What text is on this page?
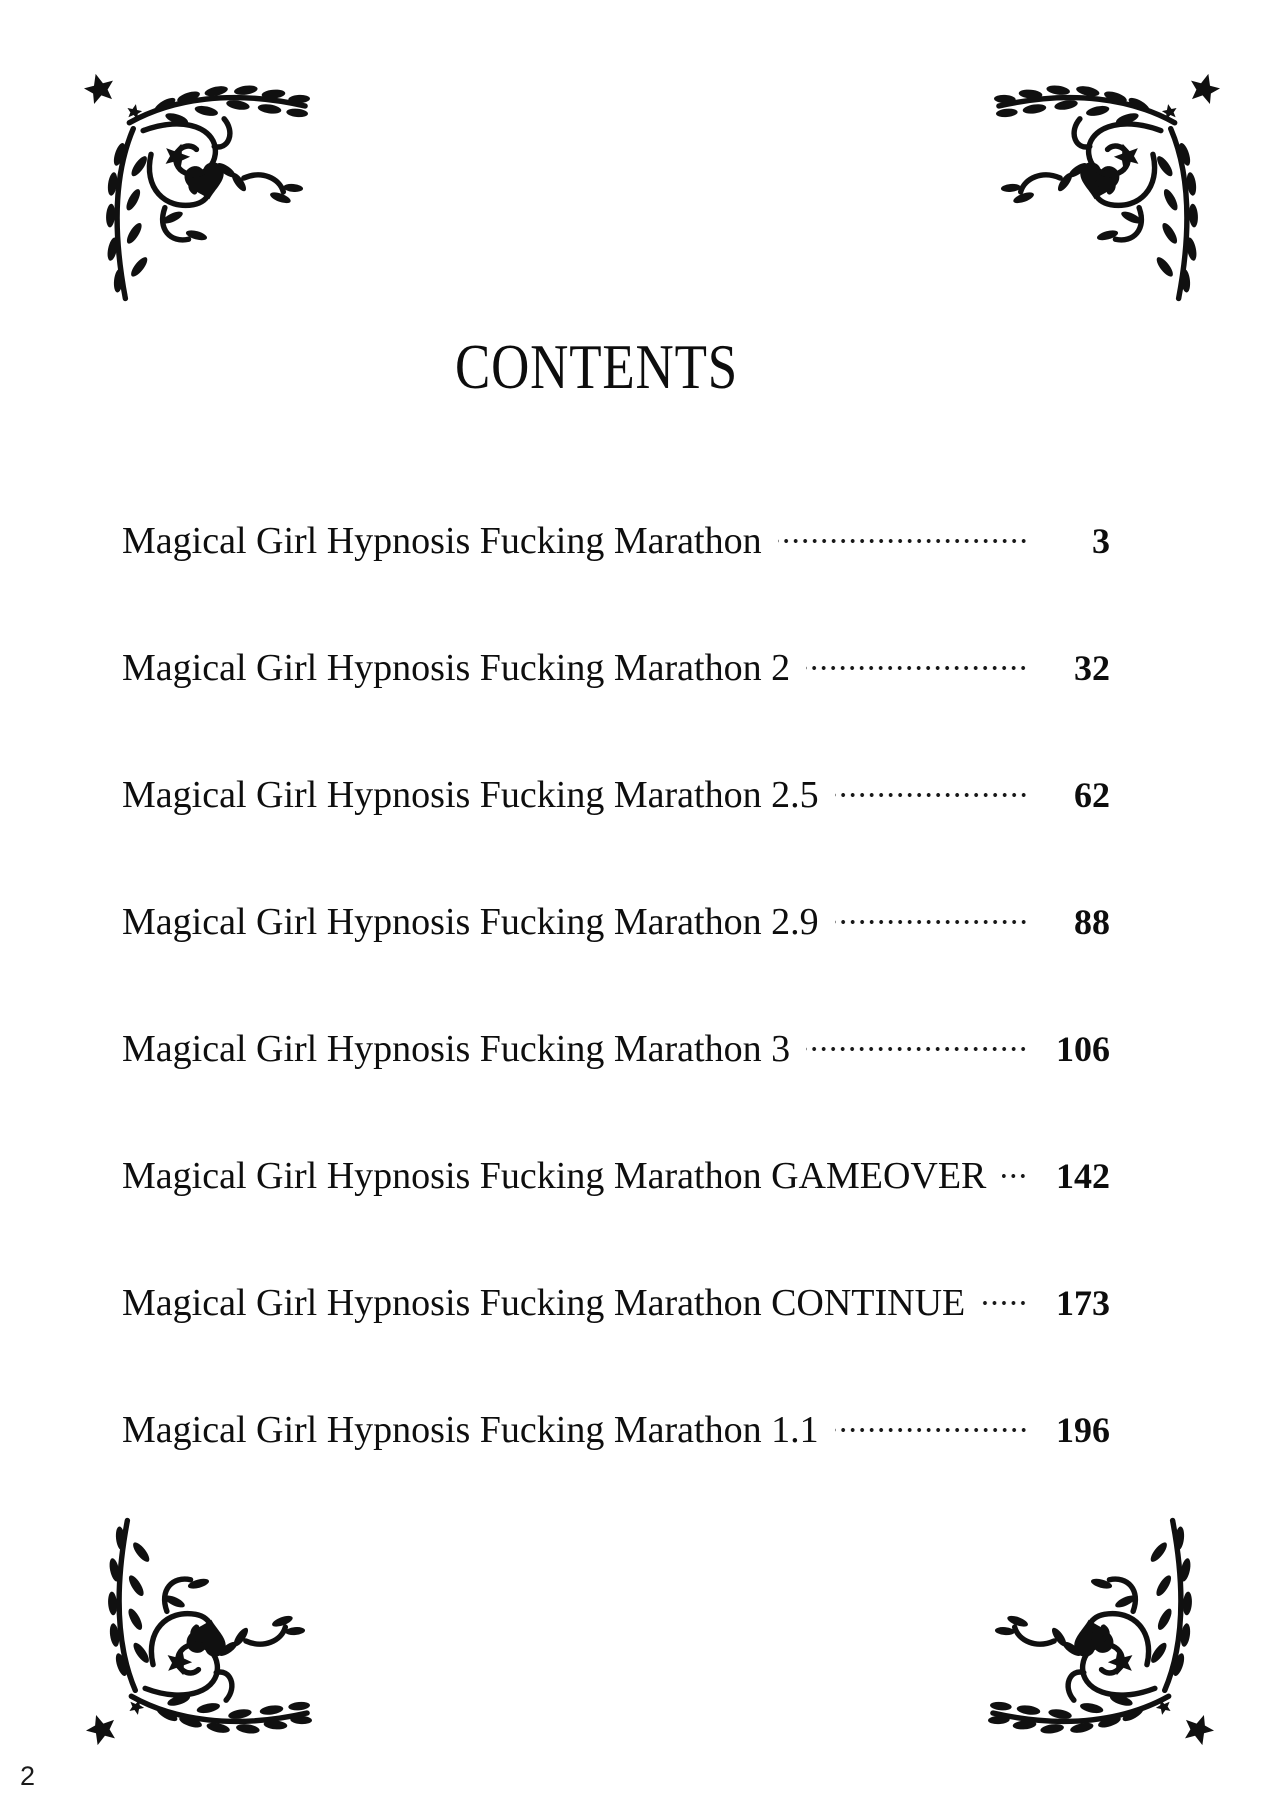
CONTENTS
Magical Girl Hypnosis Fucking Marathon	3
Magical Girl Hypnosis Fucking Marathon 2	32
Magical Girl Hypnosis Fucking Marathon 2.5	62
Magical Girl Hypnosis Fucking Marathon 2.9	88
Magical Girl Hypnosis Fucking Marathon 3	106
Magical Girl Hypnosis Fucking Marathon GAMEOVER	142
Magical Girl Hypnosis Fucking Marathon CONTINUE	173
Magical Girl Hypnosis Fucking Marathon 1.1	196
2
